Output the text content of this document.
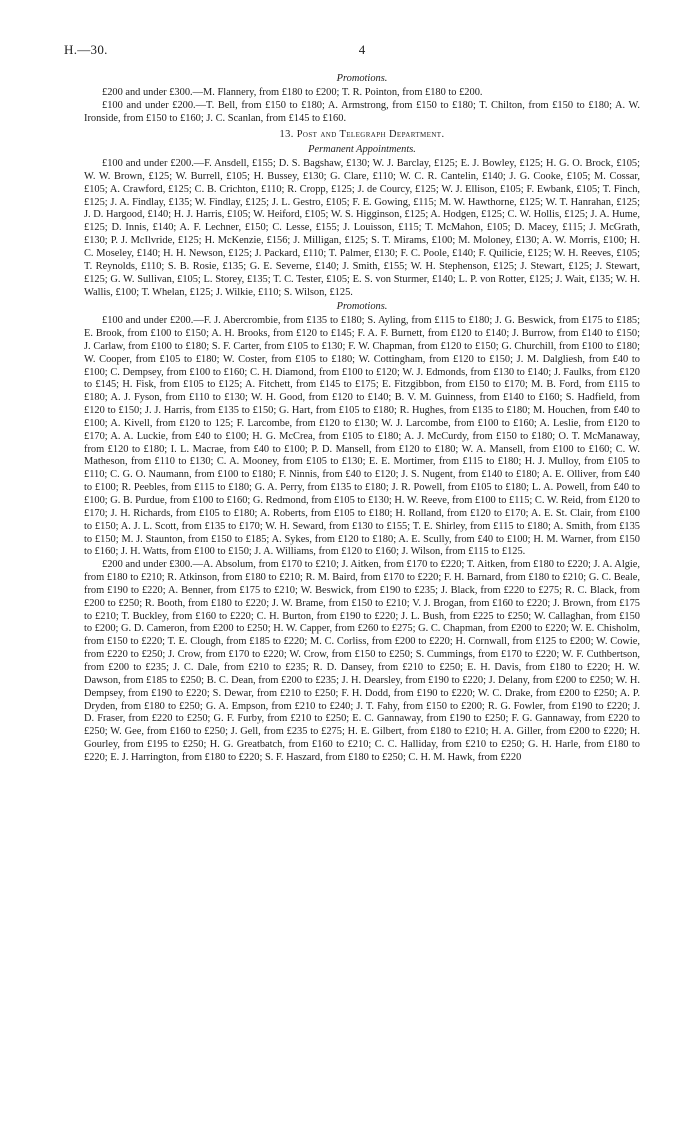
H.—30.	4
Promotions.

£200 and under £300.—M. Flannery, from £180 to £200; T. R. Pointon, from £180 to £200.

£100 and under £200.—T. Bell, from £150 to £180; A. Armstrong, from £150 to £180; T. Chilton, from £150 to £180; A. W. Ironside, from £150 to £160; J. C. Scanlan, from £145 to £160.

13. Post and Telegraph Department.
Permanent Appointments.

£100 and under £200.—F. Ansdell, £155; D. S. Bagshaw, £130; W. J. Barclay, £125; E. J. Bowley, £125; H. G. O. Brock, £105; W. W. Brown, £125; W. Burrell, £105; H. Bussey, £130; G. Clare, £110; W. C. R. Cantelin, £140; J. G. Cooke, £105; M. Cossar, £105; A. Crawford, £125; C. B. Crichton, £110; R. Cropp, £125; J. de Courcy, £125; W. J. Ellison, £105; F. Ewbank, £105; T. Finch, £125; J. A. Findlay, £135; W. Findlay, £125; J. L. Gestro, £105; F. E. Gowing, £115; M. W. Hawthorne, £125; W. T. Hanrahan, £125; J. D. Hargood, £140; H. J. Harris, £105; W. Heiford, £105; W. S. Higginson, £125; A. Hodgen, £125; C. W. Hollis, £125; J. A. Hume, £125; D. Innis, £140; A. F. Lechner, £150; C. Lesse, £155; J. Louisson, £115; T. McMahon, £105; D. Macey, £115; J. McGrath, £130; P. J. McIlvride, £125; H. McKenzie, £156; J. Milligan, £125; S. T. Mirams, £100; M. Moloney, £130; A. W. Morris, £100; H. C. Moseley, £140; H. H. Newson, £125; J. Packard, £110; T. Palmer, £130; F. C. Poole, £140; F. Quilicie, £125; W. H. Reeves, £105; T. Reynolds, £110; S. B. Rosie, £135; G. E. Severne, £140; J. Smith, £155; W. H. Stephenson, £125; J. Stewart, £125; J. Stewart, £125; G. W. Sullivan, £105; L. Storey, £135; T. C. Tester, £105; E. S. von Sturmer, £140; L. P. von Rotter, £125; J. Wait, £135; W. H. Wallis, £100; T. Whelan, £125; J. Wilkie, £110; S. Wilson, £125.

Promotions.

£100 and under £200.—F. J. Abercrombie, from £135 to £180; S. Ayling, from £115 to £180; J. G. Beswick, from £175 to £185; E. Brook, from £100 to £150; A. H. Brooks, from £120 to £145; F. A. F. Burnett, from £120 to £140; J. Burrow, from £140 to £150; J. Carlaw, from £100 to £180; S. F. Carter, from £105 to £130; F. W. Chapman, from £120 to £150; G. Churchill, from £100 to £180; W. Cooper, from £105 to £180; W. Coster, from £105 to £180; W. Cottingham, from £120 to £150; J. M. Dalgliesh, from £40 to £100; C. Dempsey, from £100 to £160; C. H. Diamond, from £100 to £120; W. J. Edmonds, from £130 to £140; J. Faulks, from £120 to £145; H. Fisk, from £105 to £125; A. Fitchett, from £145 to £175; E. Fitzgibbon, from £150 to £170; M. B. Ford, from £115 to £180; A. J. Fyson, from £110 to £130; W. H. Good, from £120 to £140; B. V. M. Guinness, from £140 to £160; S. Hadfield, from £120 to £150; J. J. Harris, from £135 to £150; G. Hart, from £105 to £180; R. Hughes, from £135 to £180; M. Houchen, from £40 to £100; A. Kivell, from £120 to 125; F. Larcombe, from £120 to £130; W. J. Larcombe, from £100 to £160; A. Leslie, from £120 to £170; A. A. Luckie, from £40 to £100; H. G. McCrea, from £105 to £180; A. J. McCurdy, from £150 to £180; O. T. McManaway, from £120 to £180; I. L. Macrae, from £40 to £100; P. D. Mansell, from £120 to £180; W. A. Mansell, from £100 to £160; C. W. Matheson, from £110 to £130; C. A. Mooney, from £105 to £130; E. E. Mortimer, from £115 to £180; H. J. Mulloy, from £105 to £110; C. G. O. Naumann, from £100 to £180; F. Ninnis, from £40 to £120; J. S. Nugent, from £140 to £180; A. E. Olliver, from £40 to £100; R. Peebles, from £115 to £180; G. A. Perry, from £135 to £180; J. R. Powell, from £105 to £180; L. A. Powell, from £40 to £100; G. B. Purdue, from £100 to £160; G. Redmond, from £105 to £130; H. W. Reeve, from £100 to £115; C. W. Reid, from £120 to £170; J. H. Richards, from £105 to £180; A. Roberts, from £105 to £180; H. Rolland, from £120 to £170; A. E. St. Clair, from £100 to £150; A. J. L. Scott, from £135 to £170; W. H. Seward, from £130 to £155; T. E. Shirley, from £115 to £180; A. Smith, from £135 to £150; M. J. Staunton, from £150 to £185; A. Sykes, from £120 to £180; A. E. Scully, from £40 to £100; H. M. Warner, from £150 to £160; J. H. Watts, from £100 to £150; J. A. Williams, from £120 to £160; J. Wilson, from £115 to £125.

£200 and under £300.—A. Absolum, from £170 to £210; J. Aitken, from £170 to £220; T. Aitken, from £180 to £220; J. A. Algie, from £180 to £210; R. Atkinson, from £180 to £210; R. M. Baird, from £170 to £220; F. H. Barnard, from £180 to £210; G. C. Beale, from £190 to £220; A. Benner, from £175 to £210; W. Beswick, from £190 to £235; J. Black, from £220 to £275; R. C. Black, from £200 to £250; R. Booth, from £180 to £220; J. W. Brame, from £150 to £210; V. J. Brogan, from £160 to £220; J. Brown, from £175 to £210; T. Buckley, from £160 to £220; C. H. Burton, from £190 to £220; J. L. Bush, from £225 to £250; W. Callaghan, from £150 to £200; G. D. Cameron, from £200 to £250; H. W. Capper, from £260 to £275; G. C. Chapman, from £200 to £220; W. E. Chisholm, from £150 to £220; T. E. Clough, from £185 to £220; M. C. Corliss, from £200 to £220; H. Cornwall, from £125 to £200; W. Cowie, from £220 to £250; J. Crow, from £170 to £220; W. Crow, from £150 to £250; S. Cummings, from £170 to £220; W. F. Cuthbertson, from £200 to £235; J. C. Dale, from £210 to £235; R. D. Dansey, from £210 to £250; E. H. Davis, from £180 to £220; H. W. Dawson, from £185 to £250; B. C. Dean, from £200 to £235; J. H. Dearsley, from £190 to £220; J. Delany, from £200 to £250; W. H. Dempsey, from £190 to £220; S. Dewar, from £210 to £250; F. H. Dodd, from £190 to £220; W. C. Drake, from £200 to £250; A. P. Dryden, from £180 to £250; G. A. Empson, from £210 to £240; J. T. Fahy, from £150 to £200; R. G. Fowler, from £190 to £220; J. D. Fraser, from £220 to £250; G. F. Furby, from £210 to £250; E. C. Gannaway, from £190 to £250; F. G. Gannaway, from £220 to £250; W. Gee, from £160 to £250; J. Gell, from £235 to £275; H. E. Gilbert, from £180 to £210; H. A. Giller, from £200 to £220; H. Gourley, from £195 to £250; H. G. Greatbatch, from £160 to £210; C. C. Halliday, from £210 to £250; G. H. Harle, from £180 to £220; E. J. Harrington, from £180 to £220; S. F. Haszard, from £180 to £250; C. H. M. Hawk, from £220
